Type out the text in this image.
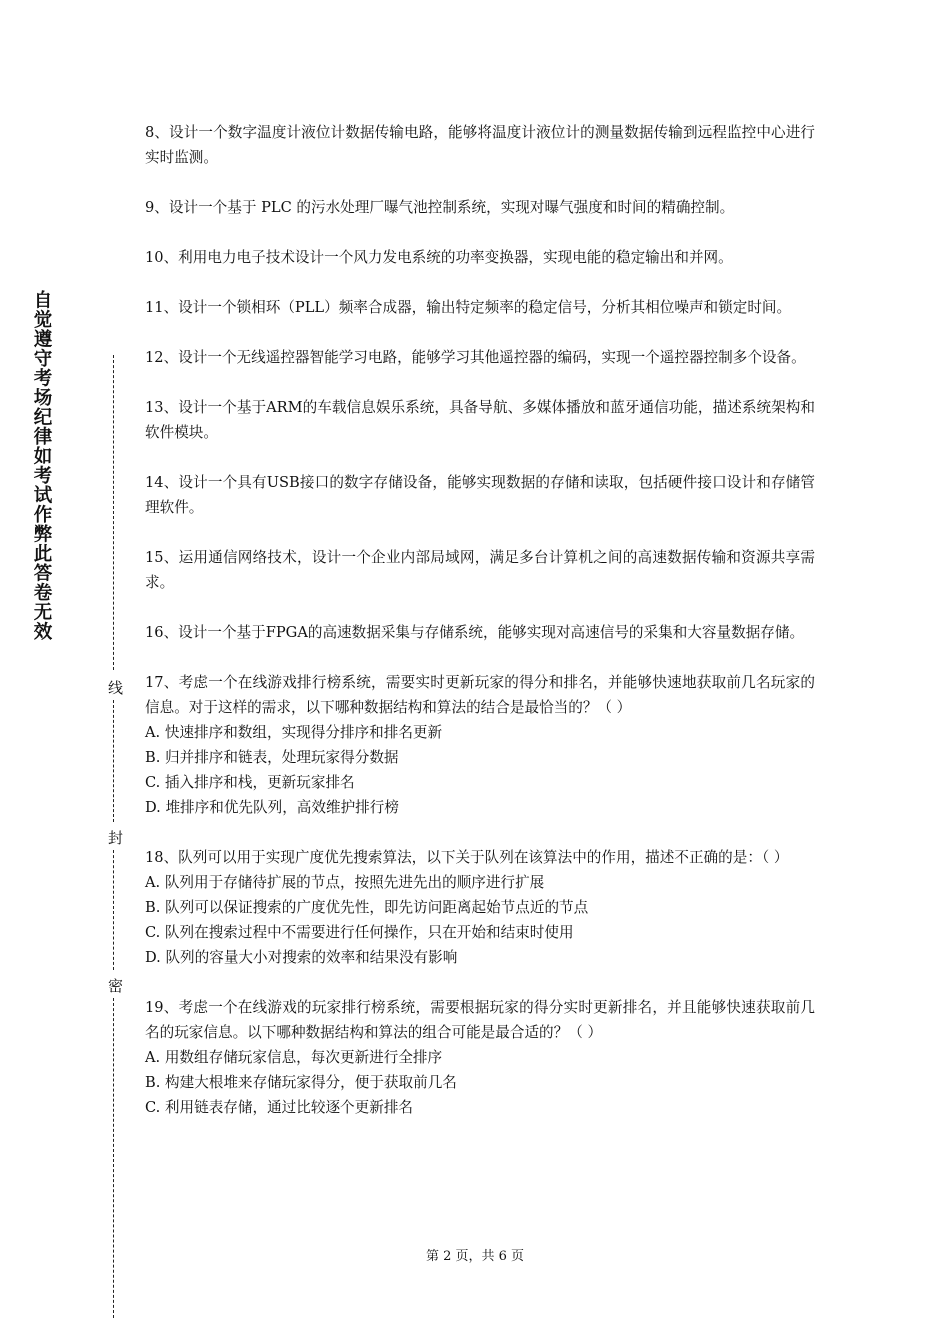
自觉遵守考场纪律如考试作弊此答卷无效
线
封
密

8、设计一个数字温度计液位计数据传输电路，能够将温度计液位计的测量数据传输到远程监控中心进行实时监测。

9、设计一个基于 PLC 的污水处理厂曝气池控制系统，实现对曝气强度和时间的精确控制。

10、利用电力电子技术设计一个风力发电系统的功率变换器，实现电能的稳定输出和并网。

11、设计一个锁相环（PLL）频率合成器，输出特定频率的稳定信号，分析其相位噪声和锁定时间。

12、设计一个无线遥控器智能学习电路，能够学习其他遥控器的编码，实现一个遥控器控制多个设备。

13、设计一个基于ARM的车载信息娱乐系统，具备导航、多媒体播放和蓝牙通信功能，描述系统架构和软件模块。

14、设计一个具有USB接口的数字存储设备，能够实现数据的存储和读取，包括硬件接口设计和存储管理软件。

15、运用通信网络技术，设计一个企业内部局域网，满足多台计算机之间的高速数据传输和资源共享需求。

16、设计一个基于FPGA的高速数据采集与存储系统，能够实现对高速信号的采集和大容量数据存储。

17、考虑一个在线游戏排行榜系统，需要实时更新玩家的得分和排名，并能够快速地获取前几名玩家的信息。对于这样的需求，以下哪种数据结构和算法的结合是最恰当的？（ ）

A. 快速排序和数组，实现得分排序和排名更新

B. 归并排序和链表，处理玩家得分数据

C. 插入排序和栈，更新玩家排名

D. 堆排序和优先队列，高效维护排行榜

18、队列可以用于实现广度优先搜索算法，以下关于队列在该算法中的作用，描述不正确的是：（ ）

A. 队列用于存储待扩展的节点，按照先进先出的顺序进行扩展

B. 队列可以保证搜索的广度优先性，即先访问距离起始节点近的节点

C. 队列在搜索过程中不需要进行任何操作，只在开始和结束时使用

D. 队列的容量大小对搜索的效率和结果没有影响

19、考虑一个在线游戏的玩家排行榜系统，需要根据玩家的得分实时更新排名，并且能够快速获取前几名的玩家信息。以下哪种数据结构和算法的组合可能是最合适的？（ ）

A. 用数组存储玩家信息，每次更新进行全排序

B. 构建大根堆来存储玩家得分，便于获取前几名

C. 利用链表存储，通过比较逐个更新排名

第 2 页，共 6 页
